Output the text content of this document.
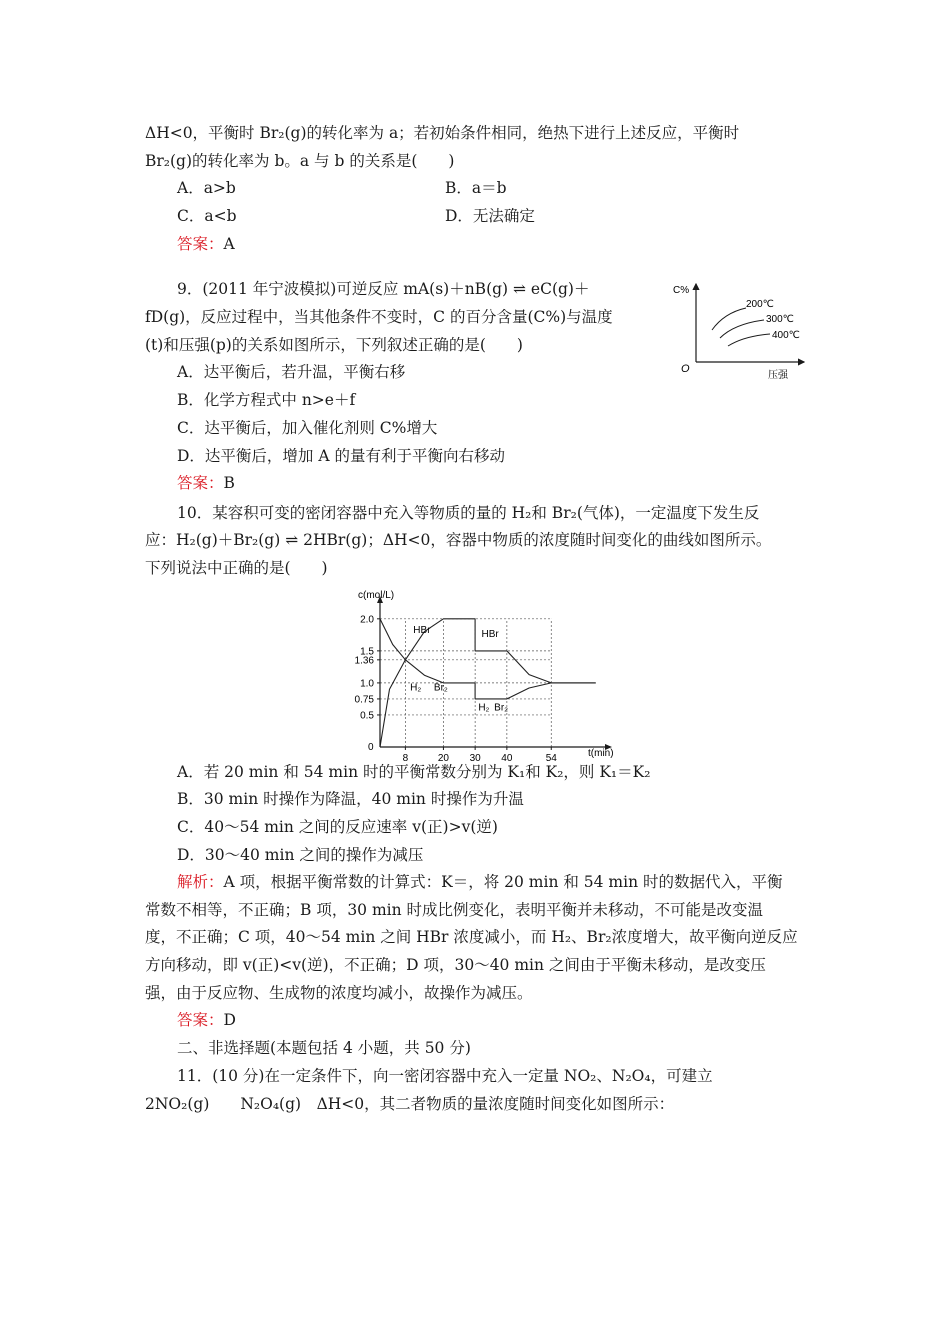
ΔH<0，平衡时 Br₂(g)的转化率为 a；若初始条件相同，绝热下进行上述反应，平衡时
Br₂(g)的转化率为 b。a 与 b 的关系是(　　)
A．a>b	B．a＝b
C．a<b	D．无法确定
答案：A
9．(2011 年宁波模拟)可逆反应 mA(s)＋nB(g) ⇌ eC(g)＋
fD(g)，反应过程中，当其他条件不变时，C 的百分含量(C%)与温度
(t)和压强(p)的关系如图所示，下列叙述正确的是(　　)
A．达平衡后，若升温，平衡右移
B．化学方程式中 n>e＋f
C．达平衡后，加入催化剂则 C%增大
D．达平衡后，增加 A 的量有利于平衡向右移动
答案：B
C%
压强
O
200℃
300℃
400℃
10．某容积可变的密闭容器中充入等物质的量的 H₂和 Br₂(气体)，一定温度下发生反
应：H₂(g)＋Br₂(g) ⇌ 2HBr(g)；ΔH<0，容器中物质的浓度随时间变化的曲线如图所示。
下列说法中正确的是(　　)
2.0
1.5
1.36
1.0
0.75
0.5
8	20 30 40	54
c(mol/L)
t(min)
0
HBr	HBr
H₂ Br₂
H₂ Br₂
A．若 20 min 和 54 min 时的平衡常数分别为 K₁和 K₂，则 K₁＝K₂
B．30 min 时操作为降温，40 min 时操作为升温
C．40～54 min 之间的反应速率 v(正)>v(逆)
D．30～40 min 之间的操作为减压
解析：A 项，根据平衡常数的计算式：K＝，将 20 min 和 54 min 时的数据代入，平衡
常数不相等，不正确；B 项，30 min 时成比例变化，表明平衡并未移动，不可能是改变温
度，不正确；C 项，40～54 min 之间 HBr 浓度减小，而 H₂、Br₂浓度增大，故平衡向逆反应
方向移动，即 v(正)<v(逆)，不正确；D 项，30～40 min 之间由于平衡未移动，是改变压
强，由于反应物、生成物的浓度均减小，故操作为减压。
答案：D
二、非选择题(本题包括 4 小题，共 50 分)
11．(10 分)在一定条件下，向一密闭容器中充入一定量 NO₂、N₂O₄，可建立
2NO₂(g)　　N₂O₄(g)　ΔH<0，其二者物质的量浓度随时间变化如图所示：
